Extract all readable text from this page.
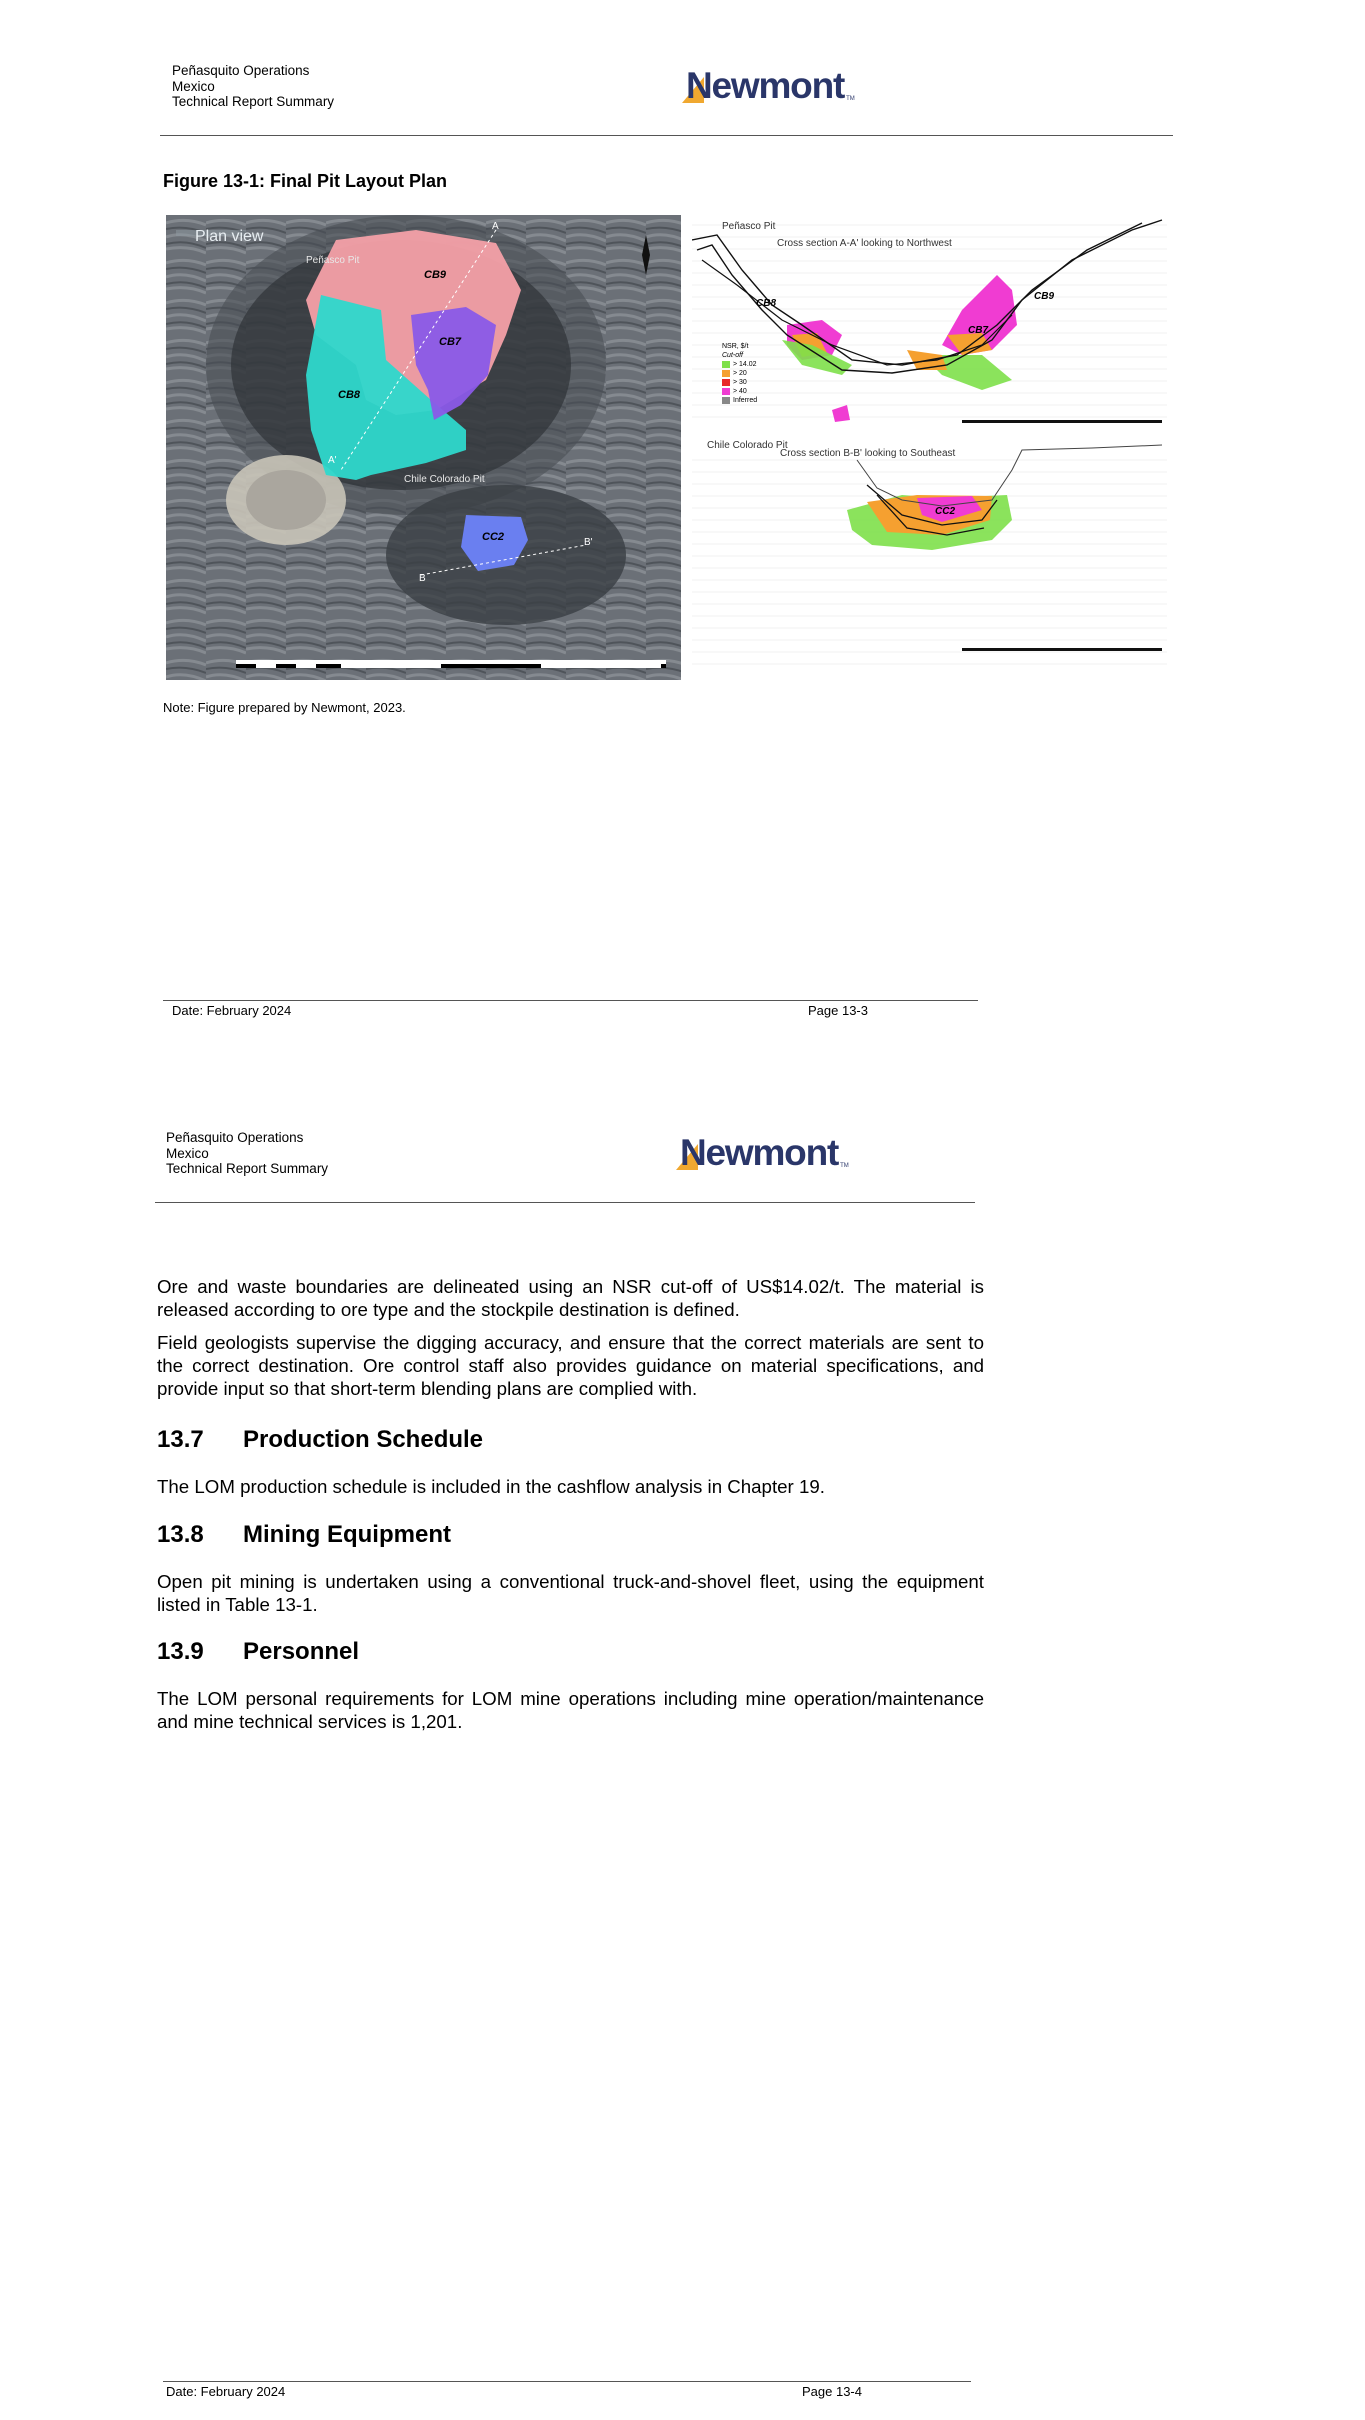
Peñasquito Operations
Mexico
Technical Report Summary	Newmont TM
Figure 13-1: Final Pit Layout Plan
Plan view
Peñasco Pit
Chile Colorado Pit
A
A'
B
B'
CB9
CB7
CB8
CC2
Peñasco Pit
Cross section A-A' looking to Northwest
CB8
CB7
CB9
NSR, $/t
Cut-off
> 14.02
> 20
> 30
> 40
Inferred
Chile Colorado Pit
Cross section B-B' looking to Southeast
CC2
Note: Figure prepared by Newmont, 2023.
Date: February 2024	Page 13-3
Peñasquito Operations
Mexico
Technical Report Summary	Newmont TM
Ore and waste boundaries are delineated using an NSR cut-off of US$14.02/t. The material is released according to ore type and the stockpile destination is defined.
Field geologists supervise the digging accuracy, and ensure that the correct materials are sent to the correct destination. Ore control staff also provides guidance on material specifications, and provide input so that short-term blending plans are complied with.
13.7	Production Schedule
The LOM production schedule is included in the cashflow analysis in Chapter 19.
13.8	Mining Equipment
Open pit mining is undertaken using a conventional truck-and-shovel fleet, using the equipment listed in Table 13-1.
13.9	Personnel
The LOM personal requirements for LOM mine operations including mine operation/maintenance and mine technical services is 1,201.
Date: February 2024	Page 13-4
